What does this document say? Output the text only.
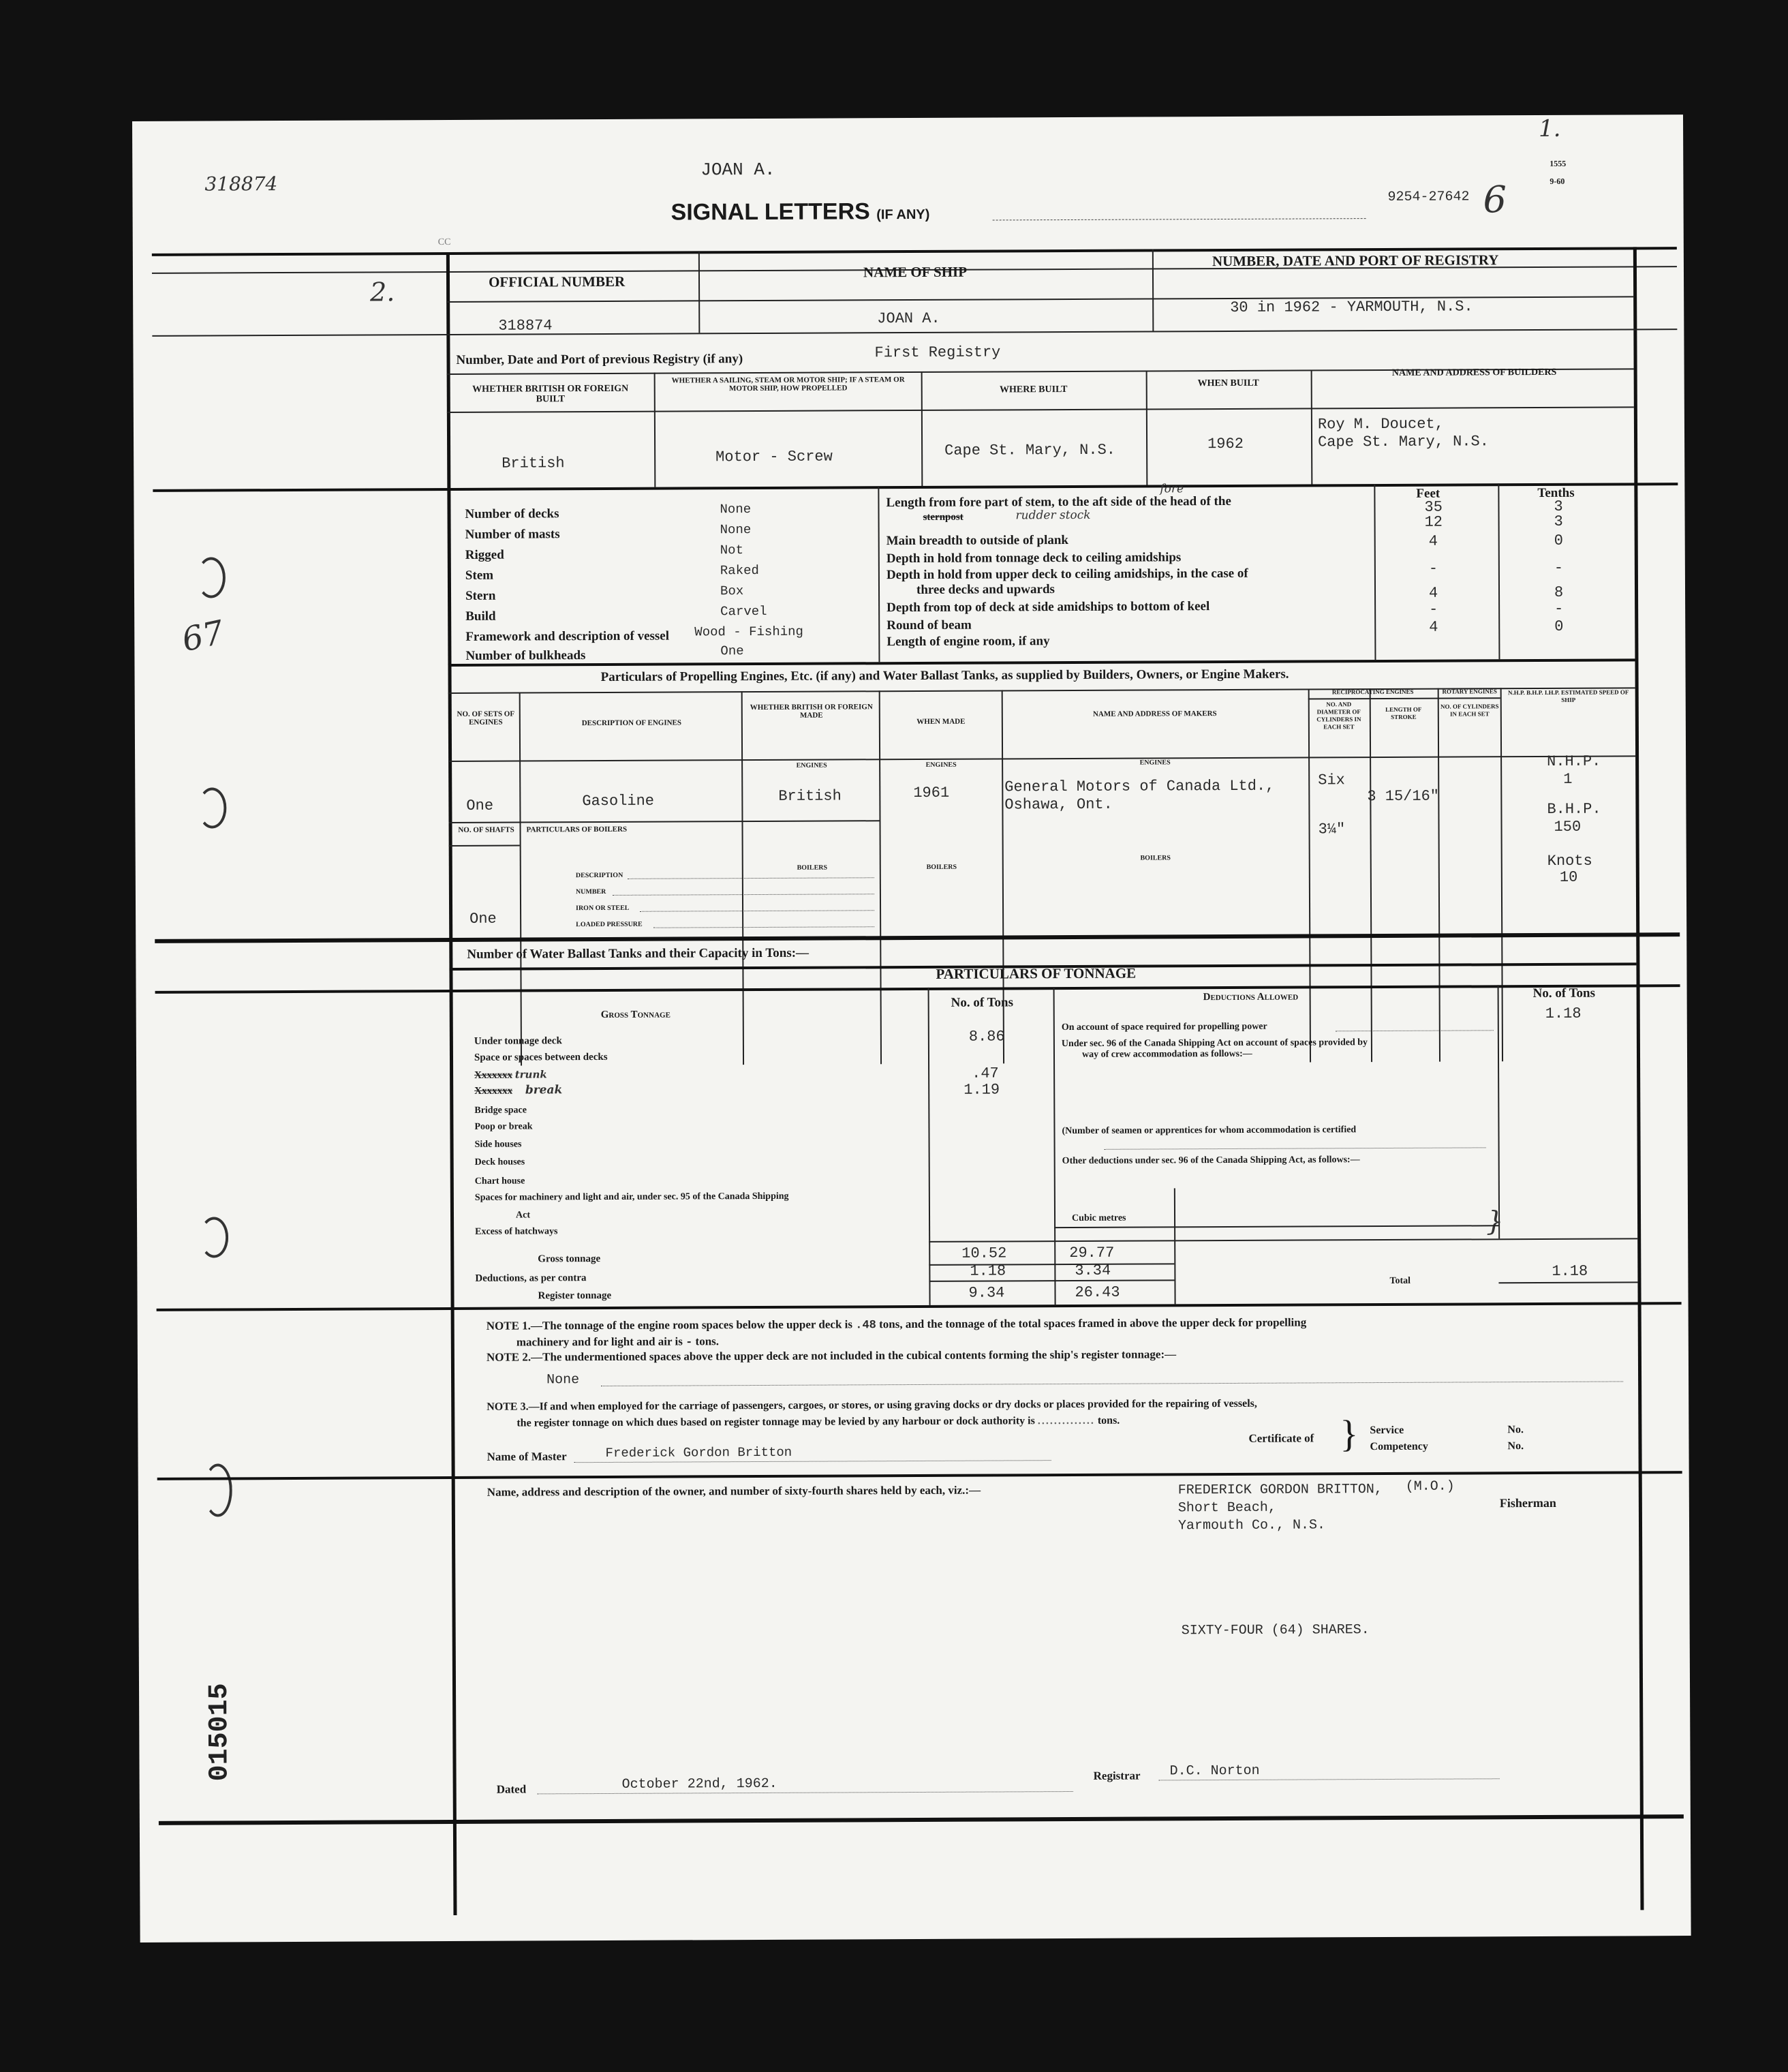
318874
JOAN A.
1.
SIGNAL LETTERS (IF ANY)
9254-27642 6
1555
9-60
CC
2.
67
OFFICIAL NUMBER
NAME OF SHIP
NUMBER, DATE AND PORT OF REGISTRY
318874	JOAN A.
30 in 1962 - YARMOUTH, N.S.
Number, Date and Port of previous Registry (if any)	First Registry
WHETHER BRITISH OR FOREIGN BUILT
WHETHER A SAILING, STEAM OR MOTOR SHIP; IF A STEAM OR MOTOR SHIP, HOW PROPELLED	WHERE BUILT
WHEN BUILT
NAME AND ADDRESS OF BUILDERS
British	Motor - Screw	Cape St. Mary, N.S.	1962
Roy M. Doucet,
Cape St. Mary, N.S.
Number of decks	None
Number of masts	None
Rigged	Not
Stem	Raked
Stern	Box
Build	Carvel
Framework and description of vessel Wood - Fishing
Number of bulkheads	One
Feet	Tenths
fore
Length from fore part of stem, to the aft side of the head of the
sternpost	rudder stock
Main breadth to outside of plank
Depth in hold from tonnage deck to ceiling amidships
Depth in hold from upper deck to ceiling amidships, in the case of
three decks and upwards
Depth from top of deck at side amidships to bottom of keel
Round of beam
Length of engine room, if any
35	3
12	3
4	0
-	-
4	8
-	-
4	0
Particulars of Propelling Engines, Etc. (if any) and Water Ballast Tanks, as supplied by Builders, Owners, or Engine Makers.
NO. OF SETS OF ENGINES	DESCRIPTION OF ENGINES
WHETHER BRITISH OR FOREIGN MADE
WHEN MADE
NAME AND ADDRESS OF MAKERS
RECIPROCATING ENGINES	ROTARY ENGINES
NO. AND DIAMETER OF CYLINDERS IN EACH SET
LENGTH OF STROKE
NO. OF CYLINDERS IN EACH SET
N.H.P. B.H.P. I.H.P. ESTIMATED SPEED OF SHIP
ENGINES	ENGINES	ENGINES
One	Gasoline	British	1961	General Motors of Canada Ltd.,
Oshawa, Ont.
Six
3 15/16"
3¼"
N.H.P.
1
B.H.P.
150
Knots
10
NO. OF SHAFTS	PARTICULARS OF BOILERS
BOILERS	BOILERS
BOILERS
DESCRIPTION
NUMBER
IRON OR STEEL
LOADED PRESSURE
One
Number of Water Ballast Tanks and their Capacity in Tons:—
PARTICULARS OF TONNAGE
Gross Tonnage
No. of Tons	Deductions Allowed	No. of Tons
Under tonnage deck
Space or spaces between decks
Xxxxxxx trunk
Xxxxxxx break
Bridge space
Poop or break
Side houses
Deck houses
Chart house
Spaces for machinery and light and air, under sec. 95 of the Canada Shipping
Act
Excess of hatchways
8.86
.47
1.19
On account of space required for propelling power
1.18
Under sec. 96 of the Canada Shipping Act on account of spaces provided by
way of crew accommodation as follows:—
(Number of seamen or apprentices for whom accommodation is certified
Other deductions under sec. 96 of the Canada Shipping Act, as follows:—
}
Cubic metres
Gross tonnage	10.52	29.77
Deductions, as per contra	1.18	3.34
Register tonnage	9.34	26.43
Total
1.18
NOTE 1.—The tonnage of the engine room spaces below the upper deck is .48 tons, and the tonnage of the total spaces framed in above the upper deck for propelling
machinery and for light and air is - tons.
NOTE 2.—The undermentioned spaces above the upper deck are not included in the cubical contents forming the ship's register tonnage:—
None
NOTE 3.—If and when employed for the carriage of passengers, cargoes, or stores, or using graving docks or dry docks or places provided for the repairing of vessels,
the register tonnage on which dues based on register tonnage may be levied by any harbour or dock authority is .............. tons.
Certificate of } Service	No.
Competency	No.
Name of Master	Frederick Gordon Britton
Name, address and description of the owner, and number of sixty-fourth shares held by each, viz.:—	FREDERICK GORDON BRITTON, (M.O.)
Short Beach,
Yarmouth Co., N.S.
Fisherman
SIXTY-FOUR (64) SHARES.
015015
Dated	October 22nd, 1962.
Registrar D.C. Norton
